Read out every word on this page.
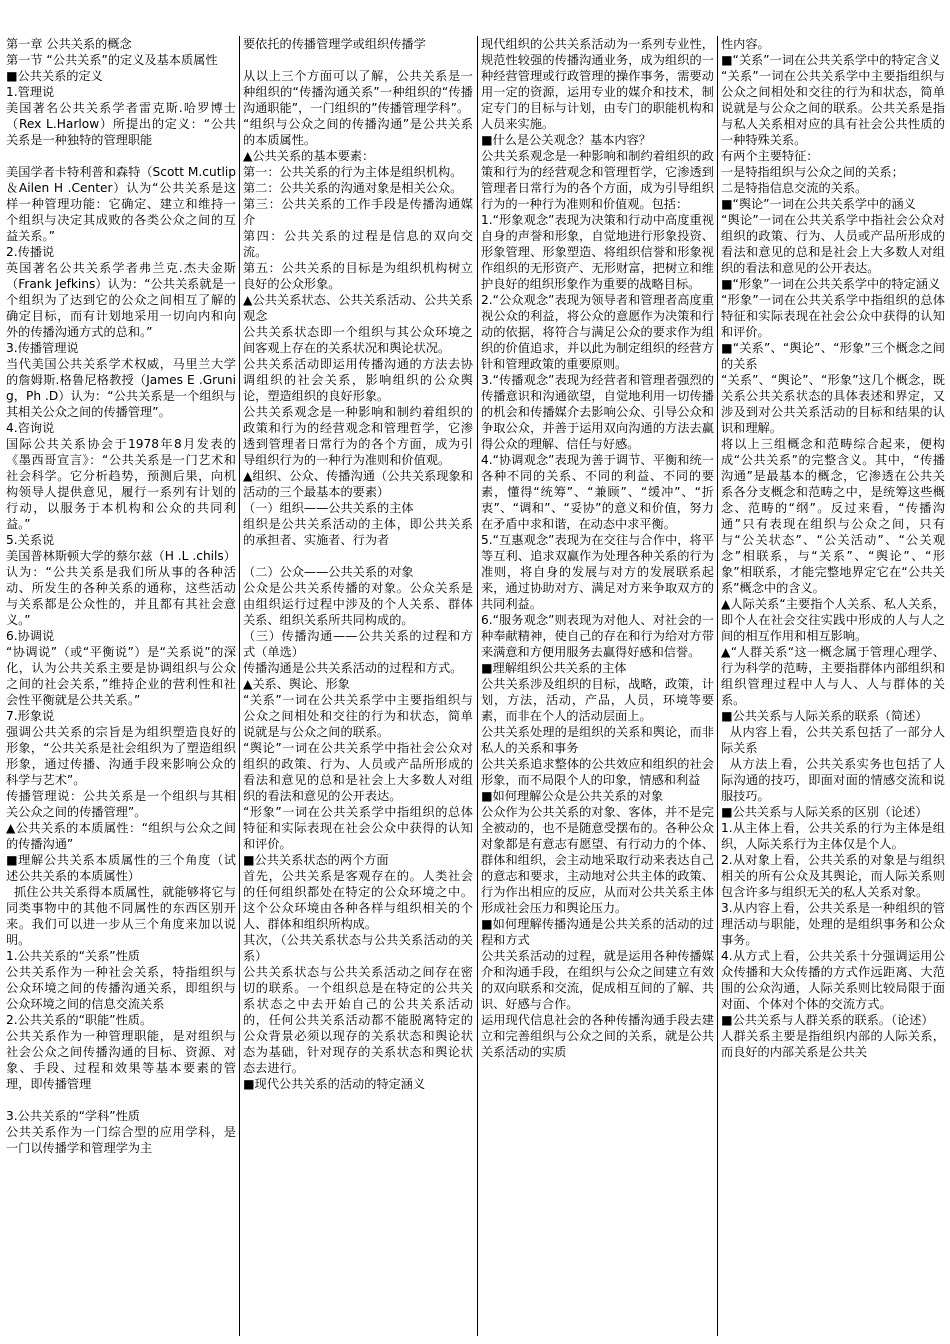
第一章 公共关系的概念

第一节 “公共关系”的定义及基本质属性

■公共关系的定义

1.管理说

美国著名公共关系学者雷克斯.哈罗博士（Rex L.Harlow）所提出的定义：“公共关系是一种独特的管理职能

美国学者卡特利普和森特（Scott M.cutlip＆Ailen H .Center）认为“公共关系是这样一种管理功能：它确定、建立和维持一个组织与决定其成败的各类公众之间的互益关系。”

2.传播说

英国著名公共关系学者弗兰克.杰夫金斯（Frank Jefkins）认为：“公共关系就是一个组织为了达到它的公众之间相互了解的确定目标，而有计划地采用一切向内和向外的传播沟通方式的总和。”

3.传播管理说

当代美国公共关系学术权威，马里兰大学的詹姆斯.格鲁尼格教授（James E .Grunig，Ph .D）认为：“公共关系是一个组织与其相关公众之间的传播管理”。

4.咨询说

国际公共关系协会于1978年8月发表的《墨西哥宣言》：“公共关系是一门艺术和社会科学。它分析趋势，预测后果，向机构领导人提供意见，履行一系列有计划的行动，以服务于本机构和公众的共同利益。”

5.关系说

美国普林斯顿大学的蔡尔兹（H .L .chils）认为：“公共关系是我们所从事的各种活动、所发生的各种关系的通称，这些活动与关系都是公众性的，并且都有其社会意义。”

6.协调说

“协调说”（或“平衡说”）是“关系说”的深化，认为公共关系主要是协调组织与公众之间的社会关系，”维持企业的营利性和社会性平衡就是公共关系。”

7.形象说

强调公共关系的宗旨是为组织塑造良好的形象，“公共关系是社会组织为了塑造组织形象，通过传播、沟通手段来影响公众的科学与艺术”。

传播管理说：公共关系是一个组织与其相关公众之间的传播管理”。

▲公共关系的本质属性：“组织与公众之间的传播沟通”

■理解公共关系本质属性的三个角度（试述公共关系的本质属性）

抓住公共关系得本质属性，就能够将它与同类事物中的其他不同属性的东西区别开来。我们可以进一步从三个角度来加以说明。

1.公共关系的“关系”性质

公共关系作为一种社会关系，特指组织与公众环境之间的传播沟通关系，即组织与公众环境之间的信息交流关系

2.公共关系的“职能”性质。

公共关系作为一种管理职能，是对组织与社会公众之间传播沟通的目标、资源、对象、手段、过程和效果等基本要素的管理，即传播管理

3.公共关系的“学科”性质

公共关系作为一门综合型的应用学科，是一门以传播学和管理学为主

要依托的传播管理学或组织传播学

从以上三个方面可以了解，公共关系是一种组织的“传播沟通关系”一种组织的“传播沟通职能”，一门组织的”传播管理学科”。

“组织与公众之间的传播沟通”是公共关系的本质属性。

▲公共关系的基本要素：

第一：公共关系的行为主体是组织机构。

第二：公共关系的沟通对象是相关公众。

第三：公共关系的工作手段是传播沟通媒介

第四：公共关系的过程是信息的双向交流。

第五：公共关系的目标是为组织机构树立良好的公众形象。

▲公共关系状态、公共关系活动、公共关系观念

公共关系状态即一个组织与其公众环境之间客观上存在的关系状况和舆论状况。

公共关系活动即运用传播沟通的方法去协调组织的社会关系，影响组织的公众舆论，塑造组织的良好形象。

公共关系观念是一种影响和制约着组织的政策和行为的经营观念和管理哲学，它渗透到管理者日常行为的各个方面，成为引导组织行为的一种行为准则和价值观。

▲组织、公众、传播沟通（公共关系现象和活动的三个最基本的要素）

（一）组织——公共关系的主体

组织是公共关系活动的主体，即公共关系的承担者、实施者、行为者

（二）公众——公共关系的对象

公众是公共关系传播的对象。公众关系是由组织运行过程中涉及的个人关系、群体关系、组织关系所共同构成的。

（三）传播沟通——公共关系的过程和方式（单选）

传播沟通是公共关系活动的过程和方式。

▲关系、舆论、形象

“关系”一词在公共关系学中主要指组织与公众之间相处和交往的行为和状态，简单说就是与公众之间的联系。

“舆论”一词在公共关系学中指社会公众对组织的政策、行为、人员或产品所形成的看法和意见的总和是社会上大多数人对组织的看法和意见的公开表达。

“形象”一词在公共关系学中指组织的总体特征和实际表现在社会公众中获得的认知和评价。

■公共关系状态的两个方面

首先，公共关系是客观存在的。人类社会的任何组织都处在特定的公众环境之中。这个公众环境由各种各样与组织相关的个人、群体和组织所构成。

其次，（公共关系状态与公共关系活动的关系）

公共关系状态与公共关系活动之间存在密切的联系。一个组织总是在特定的公共关系状态之中去开始自己的公共关系活动的，任何公共关系活动都不能脱离特定的公众背景必须以现存的关系状态和舆论状态为基础，针对现存的关系状态和舆论状态去进行。

■现代公共关系的活动的特定涵义

现代组织的公共关系活动为一系列专业性，规范性较强的传播沟通业务，成为组织的一种经营管理或行政管理的操作事务，需要动用一定的资源，运用专业的媒介和技术，制定专门的目标与计划，由专门的职能机构和人员来实施。

■什么是公关观念？基本内容？

公共关系观念是一种影响和制约着组织的政策和行为的经营观念和管理哲学，它渗透到管理者日常行为的各个方面，成为引导组织行为的一种行为准则和价值观。包括：

1.“形象观念”表现为决策和行动中高度重视自身的声誉和形象，自觉地进行形象投资、形象管理、形象塑造、将组织信誉和形象视作组织的无形资产、无形财富，把树立和维护良好的组织形象作为重要的战略目标。

2.“公众观念”表现为领导者和管理者高度重视公众的利益，将公众的意愿作为决策和行动的依据，将符合与满足公众的要求作为组织的价值追求，并以此为制定组织的经营方针和管理政策的重要原则。

3.“传播观念”表现为经营者和管理者强烈的传播意识和沟通欲望，自觉地利用一切传播的机会和传播媒介去影响公众、引导公众和争取公众，并善于运用双向沟通的方法去赢得公众的理解、信任与好感。

4.“协调观念”表现为善于调节、平衡和统一各种不同的关系、不同的利益、不同的要素，懂得“统筹”、“兼顾”、“缓冲”、“折衷”、“调和”、“妥协”的意义和价值，努力在矛盾中求和谐，在动态中求平衡。

5.“互惠观念”表现为在交往与合作中，将平等互利、追求双赢作为处理各种关系的行为准则，将自身的发展与对方的发展联系起来，通过协助对方、满足对方来争取双方的共同利益。

6.“服务观念”则表现为对他人、对社会的一种奉献精神，使自己的存在和行为给对方带来满意和方便用服务去赢得好感和信誉。

■理解组织公共关系的主体

公共关系涉及组织的目标，战略，政策，计划，方法，活动，产品，人员，环境等要素，而非在个人的活动层面上。

公共关系处理的是组织的关系和舆论，而非私人的关系和事务

公共关系追求整体的公共效应和组织的社会形象，而不局限个人的印象，情感和利益

■如何理解公众是公共关系的对象

公众作为公共关系的对象、客体，并不是完全被动的，也不是随意受摆布的。各种公众对象都是有意志有愿望、有行动力的个体、群体和组织，会主动地采取行动来表达自己的意志和要求，主动地对公共主体的政策、行为作出相应的反应，从而对公共关系主体形成社会压力和舆论压力。

■如何理解传播沟通是公共关系的活动的过程和方式

公共关系活动的过程，就是运用各种传播媒介和沟通手段，在组织与公众之间建立有效的双向联系和交流，促成相互间的了解、共识、好感与合作。

运用现代信息社会的各种传播沟通手段去建立和完善组织与公众之间的关系，就是公共关系活动的实质

性内容。

■“关系”一词在公共关系学中的特定含义

“关系”一词在公共关系学中主要指组织与公众之间相处和交往的行为和状态，简单说就是与公众之间的联系。公共关系是指与私人关系相对应的具有社会公共性质的一种特殊关系。

有两个主要特征：

一是特指组织与公众之间的关系；

二是特指信息交流的关系。

■“舆论”一词在公共关系学中的涵义

“舆论”一词在公共关系学中指社会公众对组织的政策、行为、人员或产品所形成的看法和意见的总和是社会上大多数人对组织的看法和意见的公开表达。

■“形象”一词在公共关系学中的特定涵义

“形象”一词在公共关系学中指组织的总体特征和实际表现在社会公众中获得的认知和评价。

■“关系”、“舆论”、“形象”三个概念之间的关系

“关系”、“舆论”、“形象”这几个概念，既关系公共关系状态的具体表述和界定，又涉及到对公共关系活动的目标和结果的认识和理解。

将以上三组概念和范畴综合起来，便构成“公共关系”的完整含义。其中，“传播沟通”是最基本的概念，它渗透在公共关系各分支概念和范畴之中，是统筹这些概念、范畴的“纲”。反过来看，“传播沟通”只有表现在组织与公众之间，只有与“公关状态”、“公关活动”、“公关观念”相联系，与“关系”、“舆论”、“形象”相联系，才能完整地界定它在“公共关系”概念中的含义。

▲人际关系“主要指个人关系、私人关系，即个人在社会交往实践中形成的人与人之间的相互作用和相互影响。

▲“人群关系“这一概念属于管理心理学、行为科学的范畴，主要指群体内部组织和组织管理过程中人与人、人与群体的关系。

■公共关系与人际关系的联系（简述）

从内容上看，公共关系包括了一部分人际关系

从方法上看，公共关系实务也包括了人际沟通的技巧，即面对面的情感交流和说服技巧。

■公共关系与人际关系的区别（论述）

1.从主体上看，公共关系的行为主体是组织，人际关系行为主体仅是个人。

2.从对象上看，公共关系的对象是与组织相关的所有公众及其舆论，而人际关系则包含许多与组织无关的私人关系对象。

3.从内容上看，公共关系是一种组织的管理活动与职能，处理的是组织事务和公众事务。

4.从方式上看，公共关系十分强调运用公众传播和大众传播的方式作远距离、大范围的公众沟通，人际关系则比较局限于面对面、个体对个体的交流方式。

■公共关系与人群关系的联系。（论述）

人群关系主要是指组织内部的人际关系，而良好的内部关系是公共关
